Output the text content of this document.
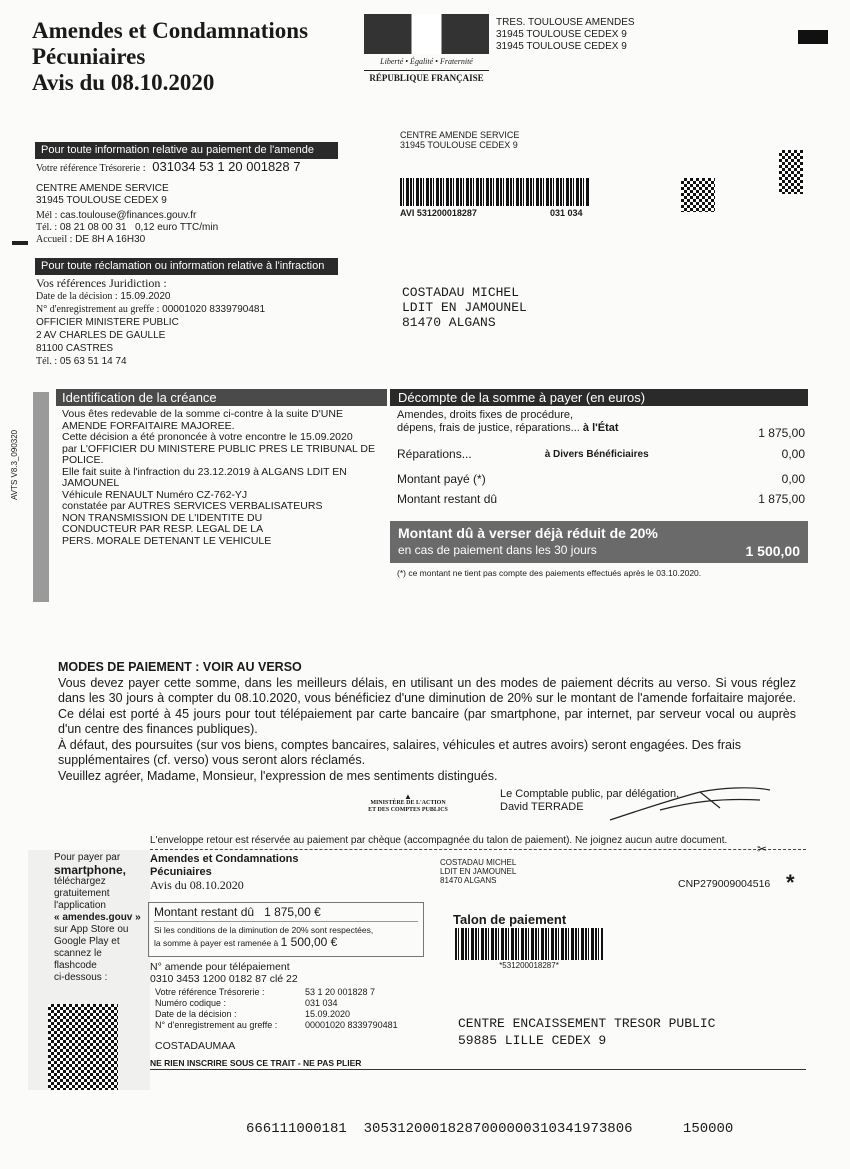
Amendes et Condamnations
Pécuniaires
Avis du 08.10.2020
Liberté • Égalité • Fraternité
RÉPUBLIQUE FRANÇAISE
TRES. TOULOUSE AMENDES
31945 TOULOUSE CEDEX 9
31945 TOULOUSE CEDEX 9
Pour toute information relative au paiement de l'amende
Votre référence Trésorerie : 031034 53 1 20 001828 7
CENTRE AMENDE SERVICE
31945 TOULOUSE CEDEX 9
Mél : cas.toulouse@finances.gouv.fr
Tél. : 08 21 08 00 31 0,12 euro TTC/min
Accueil : DE 8H A 16H30
CENTRE AMENDE SERVICE
31945 TOULOUSE CEDEX 9
AVI 531200018287	031 034
Pour toute réclamation ou information relative à l'infraction
Vos références Juridiction :
Date de la décision : 15.09.2020
N° d'enregistrement au greffe : 00001020 8339790481
OFFICIER MINISTERE PUBLIC
2 AV CHARLES DE GAULLE
81100 CASTRES
Tél. : 05 63 51 14 74
COSTADAU MICHEL
LDIT EN JAMOUNEL
81470 ALGANS
AVTS V8.3_090320
Identification de la créance
Vous êtes redevable de la somme ci-contre à la suite D'UNE
AMENDE FORFAITAIRE MAJOREE.
Cette décision a été prononcée à votre encontre le 15.09.2020
par L'OFFICIER DU MINISTERE PUBLIC PRES LE TRIBUNAL DE
POLICE.
Elle fait suite à l'infraction du 23.12.2019 à ALGANS LDIT EN
JAMOUNEL
Véhicule RENAULT Numéro CZ-762-YJ
constatée par AUTRES SERVICES VERBALISATEURS
NON TRANSMISSION DE L'IDENTITE DU
CONDUCTEUR PAR RESP. LEGAL DE LA
PERS. MORALE DETENANT LE VEHICULE
Décompte de la somme à payer (en euros)
Amendes, droits fixes de procédure,
dépens, frais de justice, réparations... à l'État	1 875,00
Réparations...	à Divers Bénéficiaires	0,00
Montant payé (*)	0,00
Montant restant dû	1 875,00
Montant dû à verser déjà réduit de 20%
en cas de paiement dans les 30 jours	1 500,00
(*) ce montant ne tient pas compte des paiements effectués après le 03.10.2020.
MODES DE PAIEMENT : VOIR AU VERSO
Vous devez payer cette somme, dans les meilleurs délais, en utilisant un des modes de paiement décrits au verso. Si vous réglez dans les 30 jours à compter du 08.10.2020, vous bénéficiez d'une diminution de 20% sur le montant de l'amende forfaitaire majorée. Ce délai est porté à 45 jours pour tout télépaiement par carte bancaire (par smartphone, par internet, par serveur vocal ou auprès d'un centre des finances publiques).
À défaut, des poursuites (sur vos biens, comptes bancaires, salaires, véhicules et autres avoirs) seront engagées. Des frais supplémentaires (cf. verso) vous seront alors réclamés.
Veuillez agréer, Madame, Monsieur, l'expression de mes sentiments distingués.
▲
MINISTÈRE DE L'ACTION
ET DES COMPTES PUBLICS
Le Comptable public, par délégation,
David TERRADE
L'enveloppe retour est réservée au paiement par chèque (accompagnée du talon de paiement). Ne joignez aucun autre document.
✂
Pour payer par
smartphone,
téléchargez
gratuitement
l'application
« amendes.gouv »
sur App Store ou
Google Play et
scannez le
flashcode
ci-dessous :
Amendes et Condamnations
Pécuniaires
Avis du 08.10.2020
Montant restant dû 1 875,00 €
Si les conditions de la diminution de 20% sont respectées,
la somme à payer est ramenée à 1 500,00 €
N° amende pour télépaiement
0310 3453 1200 0182 87 clé 22
Votre référence Trésorerie :	53 1 20 001828 7
Numéro codique :	031 034
Date de la décision :	15.09.2020
N° d'enregistrement au greffe :	00001020 8339790481
COSTADAUMAA
NE RIEN INSCRIRE SOUS CE TRAIT - NE PAS PLIER
COSTADAU MICHEL
LDIT EN JAMOUNEL
81470 ALGANS	CNP279009004516 *
Talon de paiement
*531200018287*
CENTRE ENCAISSEMENT TRESOR PUBLIC
59885 LILLE CEDEX 9
666111000181 30531200018287000000310341973806	150000
